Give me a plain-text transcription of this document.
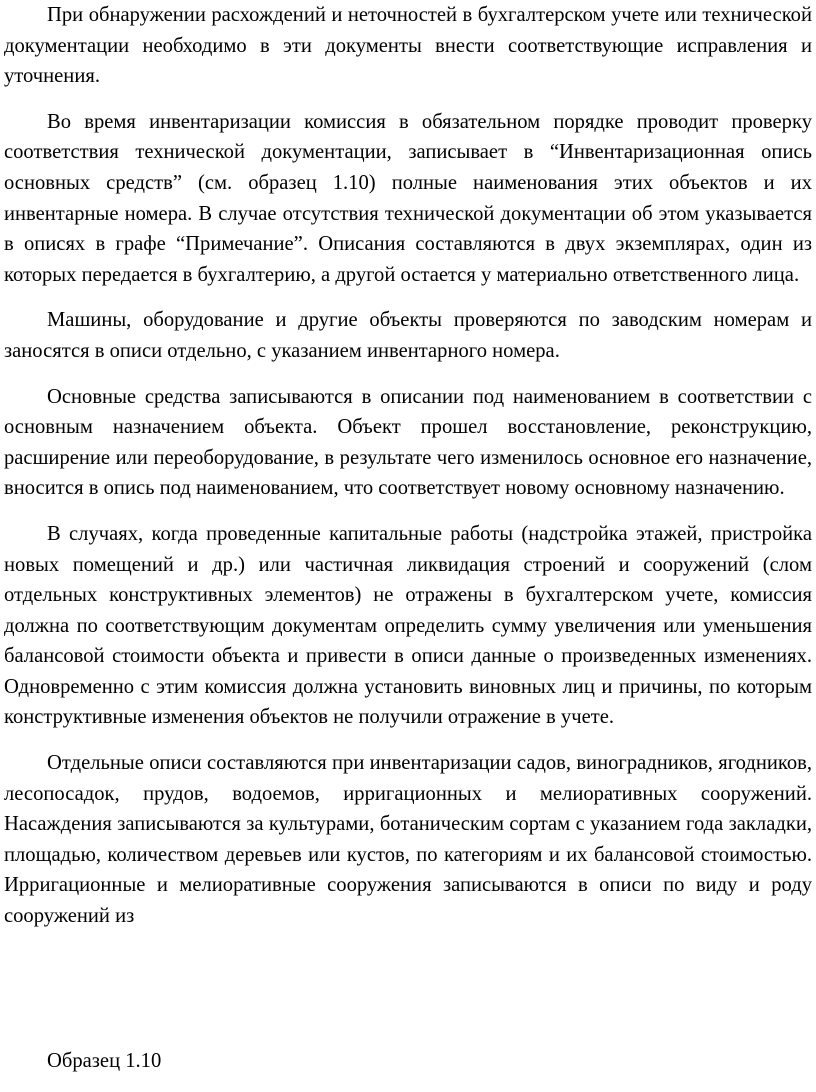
При обнаружении расхождений и неточностей в бухгалтерском учете или технической документации необходимо в эти документы внести соответствующие исправления и уточнения.

Во время инвентаризации комиссия в обязательном порядке проводит проверку соответствия технической документации, записывает в “Инвентаризационная опись основных средств” (см. образец 1.10) полные наименования этих объектов и их инвентарные номера. В случае отсутствия технической документации об этом указывается в описях в графе “Примечание”. Описания составляются в двух экземплярах, один из которых передается в бухгалтерию, а другой остается у материально ответственного лица.

Машины, оборудование и другие объекты проверяются по заводским номерам и заносятся в описи отдельно, с указанием инвентарного номера.

Основные средства записываются в описании под наименованием в соответствии с основным назначением объекта. Объект прошел восстановление, реконструкцию, расширение или переоборудование, в результате чего изменилось основное его назначение, вносится в опись под наименованием, что соответствует новому основному назначению.

В случаях, когда проведенные капитальные работы (надстройка этажей, пристройка новых помещений и др.) или частичная ликвидация строений и сооружений (слом отдельных конструктивных элементов) не отражены в бухгалтерском учете, комиссия должна по соответствующим документам определить сумму увеличения или уменьшения балансовой стоимости объекта и привести в описи данные о произведенных изменениях. Одновременно с этим комиссия должна установить виновных лиц и причины, по которым конструктивные изменения объектов не получили отражение в учете.

Отдельные описи составляются при инвентаризации садов, виноградников, ягодников, лесопосадок, прудов, водоемов, ирригационных и мелиоративных сооружений. Насаждения записываются за культурами, ботаническим сортам с указанием года закладки, площадью, количеством деревьев или кустов, по категориям и их балансовой стоимостью. Ирригационные и мелиоративные сооружения записываются в описи по виду и роду сооружений из

Образец 1.10
